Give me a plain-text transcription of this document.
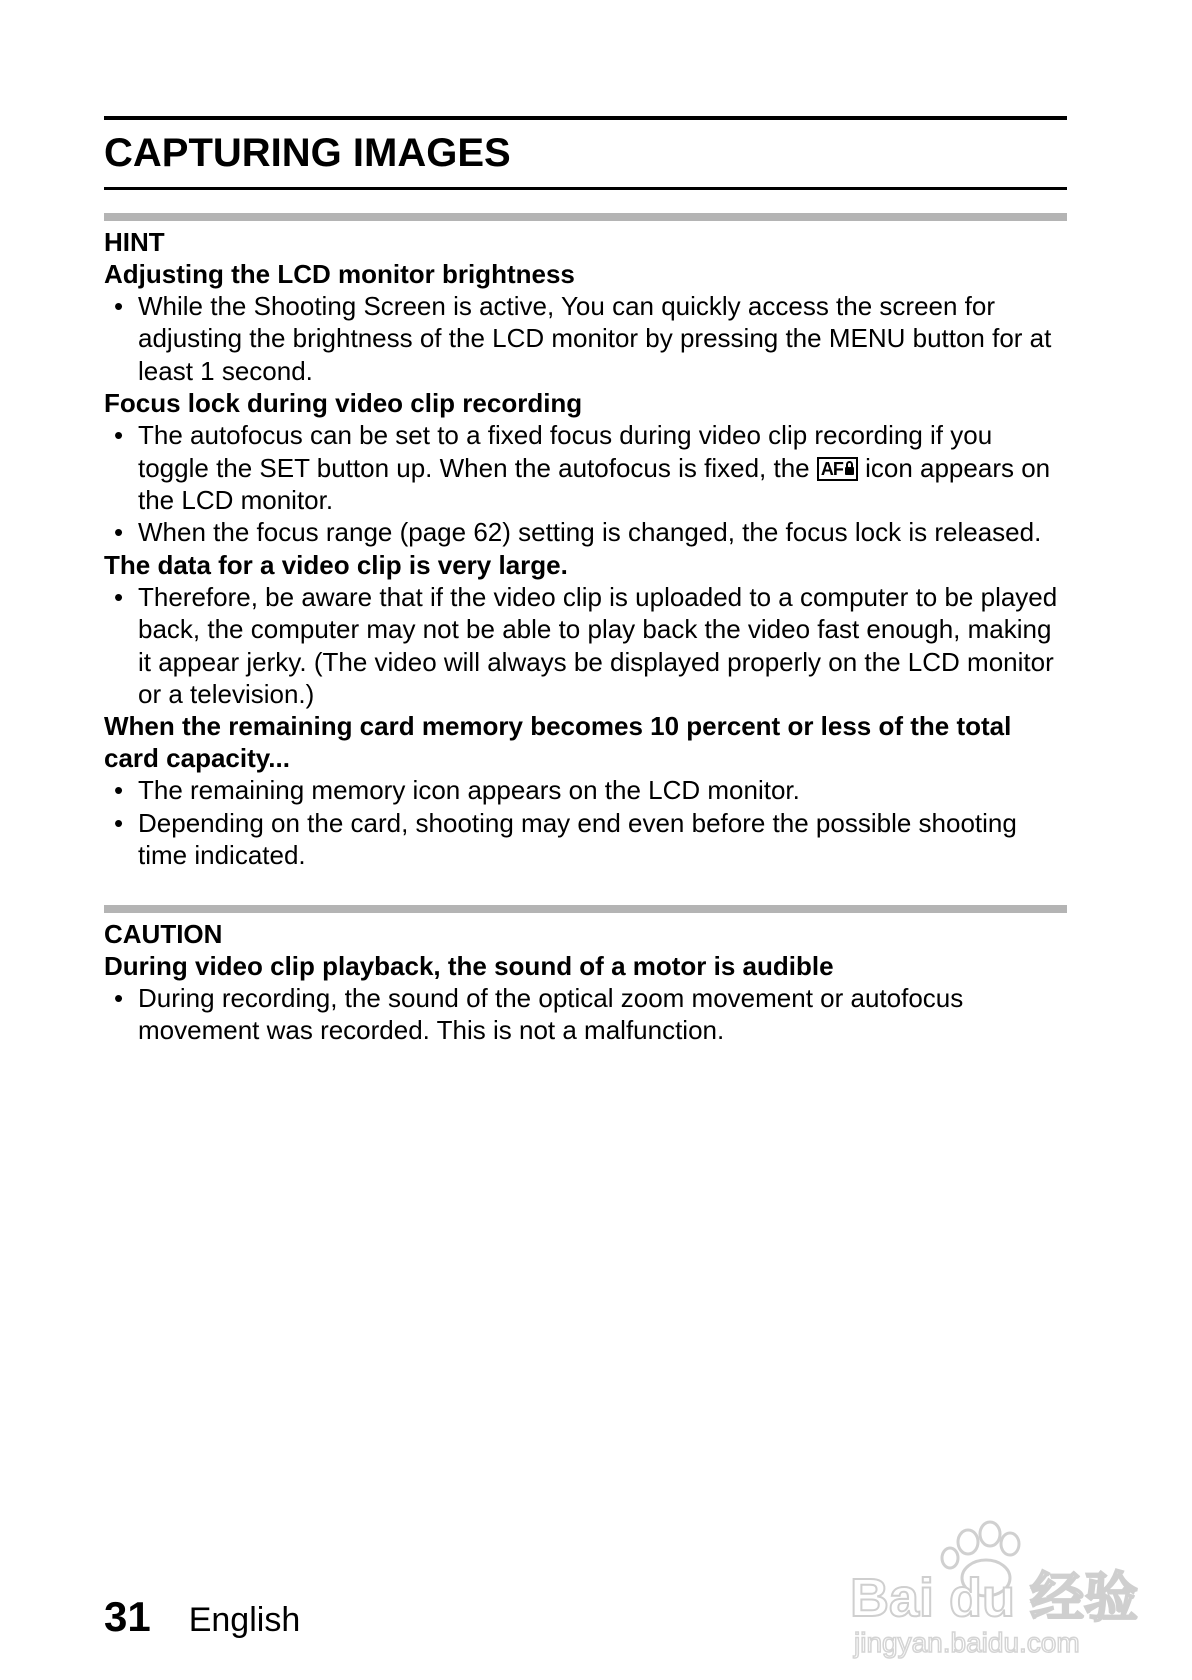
CAPTURING IMAGES
HINT
Adjusting the LCD monitor brightness
• While the Shooting Screen is active, You can quickly access the screen for adjusting the brightness of the LCD monitor by pressing the MENU button for at least 1 second.
Focus lock during video clip recording
• The autofocus can be set to a fixed focus during video clip recording if you toggle the SET button up. When the autofocus is fixed, the AF icon appears on the LCD monitor.
• When the focus range (page 62) setting is changed, the focus lock is released.
The data for a video clip is very large.
• Therefore, be aware that if the video clip is uploaded to a computer to be played back, the computer may not be able to play back the video fast enough, making it appear jerky. (The video will always be displayed properly on the LCD monitor or a television.)
When the remaining card memory becomes 10 percent or less of the total card capacity...
• The remaining memory icon appears on the LCD monitor.
• Depending on the card, shooting may end even before the possible shooting time indicated.
CAUTION
During video clip playback, the sound of a motor is audible
• During recording, the sound of the optical zoom movement or autofocus movement was recorded. This is not a malfunction.
31 English	Bai du 经验
jingyan.baidu.com
